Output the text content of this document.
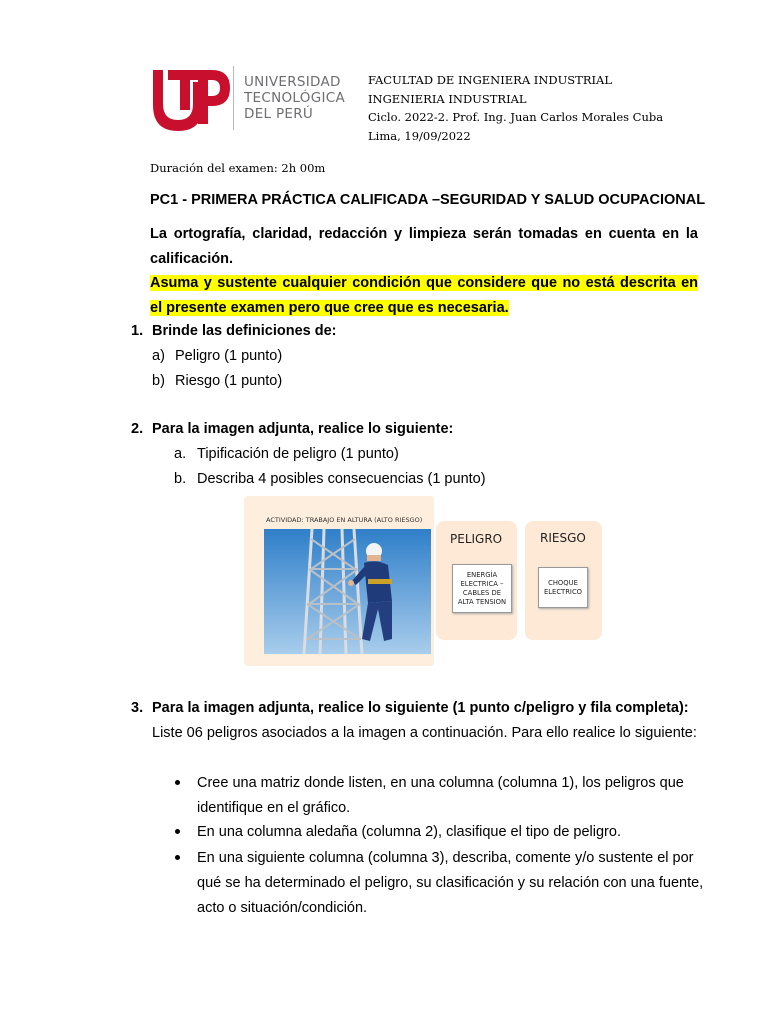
UNIVERSIDAD
TECNOLÓGICA
DEL PERÚ
FACULTAD DE INGENIERA INDUSTRIAL
INGENIERIA INDUSTRIAL
Ciclo. 2022-2. Prof. Ing. Juan Carlos Morales Cuba
Lima, 19/09/2022
Duración del examen: 2h 00m
PC1 - PRIMERA PRÁCTICA CALIFICADA –SEGURIDAD Y SALUD OCUPACIONAL
La ortografía, claridad, redacción y limpieza serán tomadas en cuenta en la calificación.
Asuma y sustente cualquier condición que considere que no está descrita en el presente examen pero que cree que es necesaria.
1. Brinde las definiciones de:
a) Peligro (1 punto)
b) Riesgo (1 punto)
2. Para la imagen adjunta, realice lo siguiente:
a. Tipificación de peligro (1 punto)
b. Describa 4 posibles consecuencias (1 punto)
ACTIVIDAD: TRABAJO EN ALTURA (ALTO RIESGO)
PELIGRO
ENERGÍA
ELECTRICA –
CABLES DE
ALTA TENSION
RIESGO
CHOQUE
ELECTRICO
3. Para la imagen adjunta, realice lo siguiente (1 punto c/peligro y fila completa):
Liste 06 peligros asociados a la imagen a continuación. Para ello realice lo siguiente:
Cree una matriz donde listen, en una columna (columna 1), los peligros que identifique en el gráfico.
En una columna aledaña (columna 2), clasifique el tipo de peligro.
En una siguiente columna (columna 3), describa, comente y/o sustente el por qué se ha determinado el peligro, su clasificación y su relación con una fuente, acto o situación/condición.
